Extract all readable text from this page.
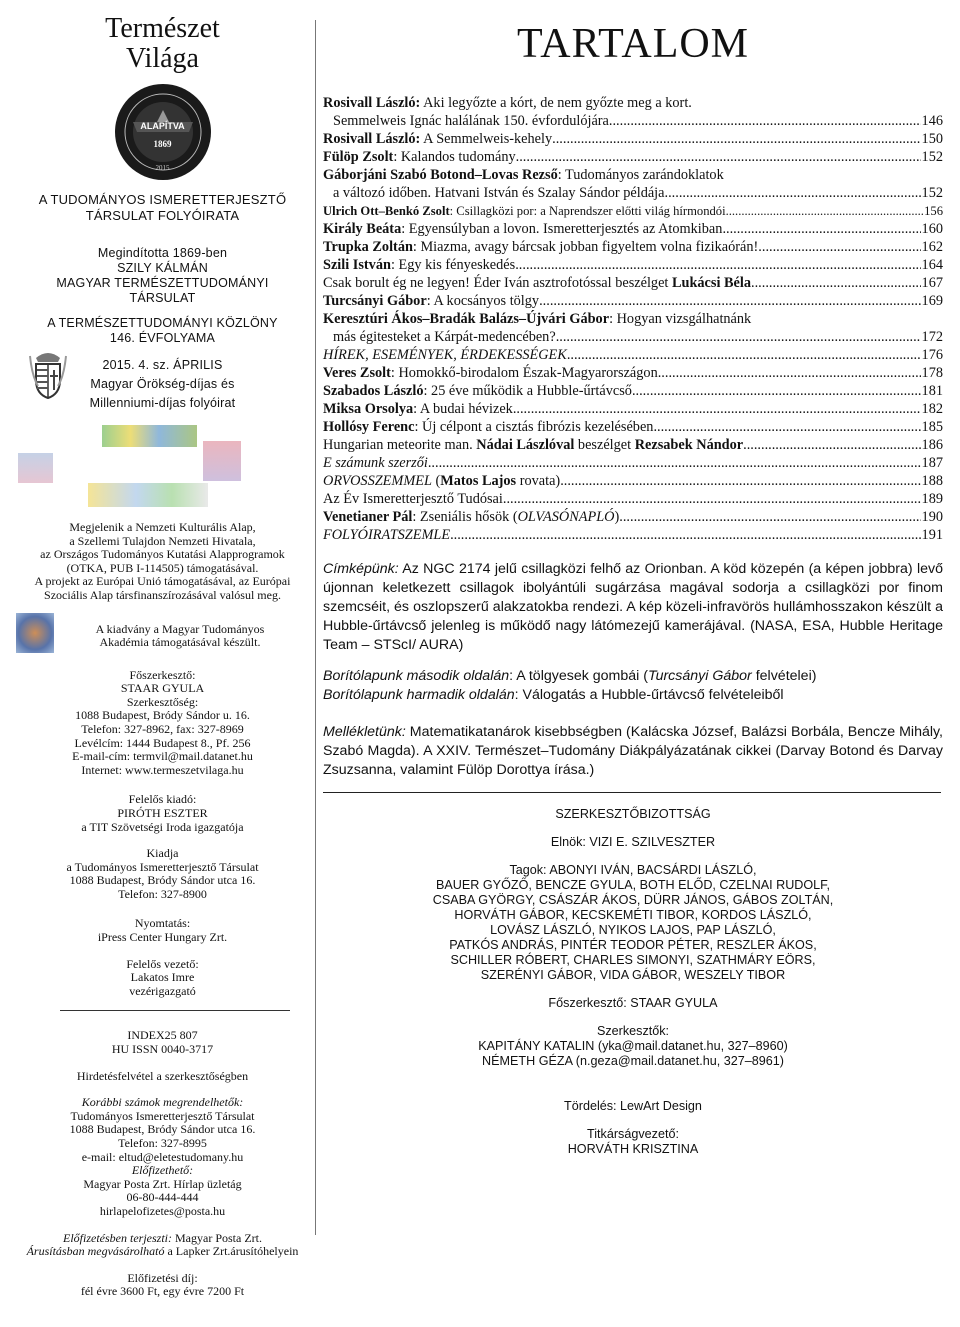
Természet
Világa
ALAPÍTVA
1869
2015

A TUDOMÁNYOS ISMERETTERJESZTŐ

TÁRSULAT FOLYÓIRATA

Megindította 1869-ben

SZILY KÁLMÁN

MAGYAR TERMÉSZETTUDOMÁNYI

TÁRSULAT

A TERMÉSZETTUDOMÁNYI KÖZLÖNY

146. ÉVFOLYAMA

2015. 4. sz. ÁPRILIS

Magyar Örökség-díjas és

Millenniumi-díjas folyóirat

Megjelenik a Nemzeti Kulturális Alap,

a Szellemi Tulajdon Nemzeti Hivatala,

az Országos Tudományos Kutatási Alapprogramok

(OTKA, PUB I-114505) támogatásával.

A projekt az Európai Unió támogatásával, az Európai

Szociális Alap társfinanszírozásával valósul meg.

A kiadvány a Magyar Tudományos

Akadémia támogatásával készült.

Főszerkesztő:

STAAR GYULA

Szerkesztőség:

1088 Budapest, Bródy Sándor u. 16.

Telefon: 327-8962, fax: 327-8969

Levélcím: 1444 Budapest 8., Pf. 256

E-mail-cím: termvil@mail.datanet.hu

Internet: www.termeszetvilaga.hu

Felelős kiadó:

PIRÓTH ESZTER

a TIT Szövetségi Iroda igazgatója

Kiadja

a Tudományos Ismeretterjesztő Társulat

1088 Budapest, Bródy Sándor utca 16.

Telefon: 327-8900

Nyomtatás:

iPress Center Hungary Zrt.

Felelős vezető:

Lakatos Imre

vezérigazgató

INDEX25 807

HU ISSN 0040-3717

Hirdetésfelvétel a szerkesztőségben

Korábbi számok megrendelhetők:

Tudományos Ismeretterjesztő Társulat

1088 Budapest, Bródy Sándor utca 16.

Telefon: 327-8995

e-mail: eltud@eletestudomany.hu

Előfizethető:

Magyar Posta Zrt. Hírlap üzletág

06-80-444-444

hirlapelofizetes@posta.hu

Előfizetésben terjeszti: Magyar Posta Zrt.

Árusításban megvásárolható a Lapker Zrt.árusítóhelyein

Előfizetési díj:

fél évre 3600 Ft, egy évre 7200 Ft

TARTALOM
Rosivall László: Aki legyőzte a kórt, de nem győzte meg a kort.
Semmelweis Ignác halálának 150. évfordulójára .....	146
Rosivall László: A Semmelweis-kehely .....	150
Fülöp Zsolt: Kalandos tudomány .....	152
Gáborjáni Szabó Botond–Lovas Rezső: Tudományos zarándoklatok
a változó időben. Hatvani István és Szalay Sándor példája .....	152
Ulrich Ott–Benkó Zsolt: Csillagközi por: a Naprendszer előtti világ hírmondói .....	156
Király Beáta: Egyensúlyban a lovon. Ismeretterjesztés az Atomkiban .....	160
Trupka Zoltán: Miazma, avagy bárcsak jobban figyeltem volna fizikaórán! .....	162
Szili István: Egy kis fényeskedés .....	164
Csak borult ég ne legyen! Éder Iván asztrofotóssal beszélget Lukácsi Béla .....	167
Turcsányi Gábor: A kocsányos tölgy .....	169
Keresztúri Ákos–Bradák Balázs–Újvári Gábor: Hogyan vizsgálhatnánk
más égitesteket a Kárpát-medencében? .....	172
HÍREK, ESEMÉNYEK, ÉRDEKESSÉGEK .....	176
Veres Zsolt: Homokkő-birodalom Észak-Magyarországon .....	178
Szabados László: 25 éve működik a Hubble-űrtávcső .....	181
Miksa Orsolya: A budai hévizek .....	182
Hollósy Ferenc: Új célpont a cisztás fibrózis kezelésében .....	185
Hungarian meteorite man. Nádai Lászlóval beszélget Rezsabek Nándor .....	186
E számunk szerzői .....	187
ORVOSSZEMMEL (Matos Lajos rovata) .....	188
Az Év Ismeretterjesztő Tudósai .....	189
Venetianer Pál: Zseniális hősök (OLVASÓNAPLÓ) .....	190
FOLYÓIRATSZEMLE .....	191

Címképünk: Az NGC 2174 jelű csillagközi felhő az Orionban. A köd közepén (a képen jobbra) levő újonnan keletkezett csillagok ibolyántúli sugárzása magával sodorja a csillagközi por finom szemcséit, és oszlopszerű alakzatokba rendezi. A kép közeli-infravörös hullámhosszakon készült a Hubble-űrtávcső jelenleg is működő nagy látómezejű kamerájával. (NASA, ESA, Hubble Heritage Team – STScI/ AURA)

Borítólapunk második oldalán: A tölgyesek gombái (Turcsányi Gábor felvételei)

Borítólapunk harmadik oldalán: Válogatás a Hubble-űrtávcső felvételeiből

Mellékletünk: Matematikatanárok kisebbségben (Kalácska József, Balázsi Borbála, Bencze Mihály, Szabó Magda). A XXIV. Természet–Tudomány Diákpályázatának cikkei (Darvay Botond és Darvay Zsuzsanna, valamint Fülöp Dorottya írása.)

SZERKESZTŐBIZOTTSÁG

Elnök: VIZI E. SZILVESZTER

Tagok: ABONYI IVÁN, BACSÁRDI LÁSZLÓ,

BAUER GYŐZŐ, BENCZE GYULA, BOTH ELŐD, CZELNAI RUDOLF,

CSABA GYÖRGY, CSÁSZÁR ÁKOS, DÜRR JÁNOS, GÁBOS ZOLTÁN,

HORVÁTH GÁBOR, KECSKEMÉTI TIBOR, KORDOS LÁSZLÓ,

LOVÁSZ LÁSZLÓ, NYIKOS LAJOS, PAP LÁSZLÓ,

PATKÓS ANDRÁS, PINTÉR TEODOR PÉTER, RESZLER ÁKOS,

SCHILLER RÓBERT, CHARLES SIMONYI, SZATHMÁRY EÖRS,

SZERÉNYI GÁBOR, VIDA GÁBOR, WESZELY TIBOR

Főszerkesztő: STAAR GYULA

Szerkesztők:

KAPITÁNY KATALIN (yka@mail.datanet.hu, 327–8960)

NÉMETH GÉZA (n.geza@mail.datanet.hu, 327–8961)

Tördelés: LewArt Design

Titkárságvezető:

HORVÁTH KRISZTINA
